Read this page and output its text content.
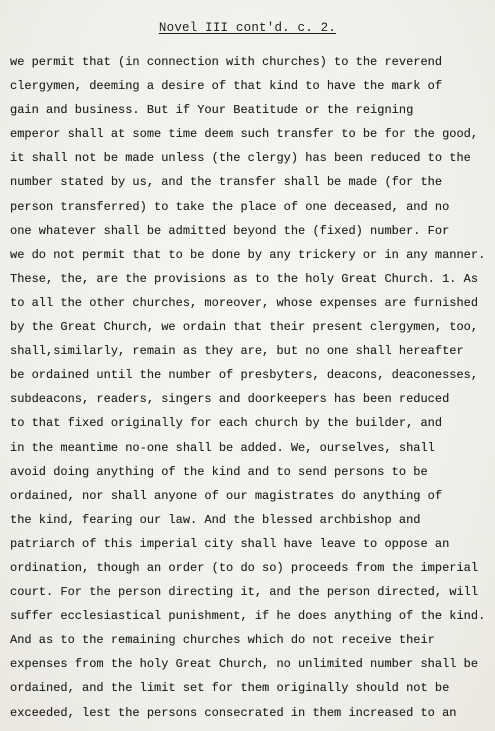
Novel III cont'd. c. 2.
we permit that (in connection with churches) to the reverend
clergymen, deeming a desire of that kind to have the mark of
gain and business. But if Your Beatitude or the reigning
emperor shall at some time deem such transfer to be for the good,
it shall not be made unless (the clergy) has been reduced to the
number stated by us, and the transfer shall be made (for the
person transferred) to take the place of one deceased, and no
one whatever shall be admitted beyond the (fixed) number. For
we do not permit that to be done by any trickery or in any manner.
These, the, are the provisions as to the holy Great Church. 1. As
to all the other churches, moreover, whose expenses are furnished
by the Great Church, we ordain that their present clergymen, too,
shall,similarly, remain as they are, but no one shall hereafter
be ordained until the number of presbyters, deacons, deaconesses,
subdeacons, readers, singers and doorkeepers has been reduced
to that fixed originally for each church by the builder, and
in the meantime no-one shall be added. We, ourselves, shall
avoid doing anything of the kind and to send persons to be
ordained, nor shall anyone of our magistrates do anything of
the kind, fearing our law. And the blessed archbishop and
patriarch of this imperial city shall have leave to oppose an
ordination, though an order (to do so) proceeds from the imperial
court. For the person directing it, and the person directed, will
suffer ecclesiastical punishment, if he does anything of the kind.
And as to the remaining churches which do not receive their
expenses from the holy Great Church, no unlimited number shall be
ordained, and the limit set for them originally should not be
exceeded, lest the persons consecrated in them increased to an
